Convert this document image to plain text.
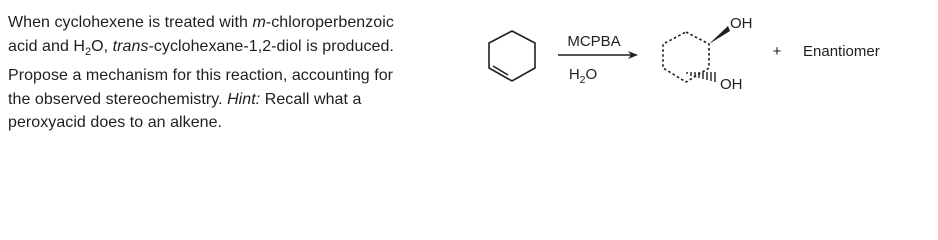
When cyclohexene is treated with m-chloroperbenzoic
acid and $H_2O$, trans-cyclohexane-1,2-diol is produced.
Propose a mechanism for this reaction, accounting for
the observed stereochemistry. Hint: Recall what a
peroxyacid does to an alkene.
MCPBA
$H_2O$
OH
OH
+ Enantiomer
